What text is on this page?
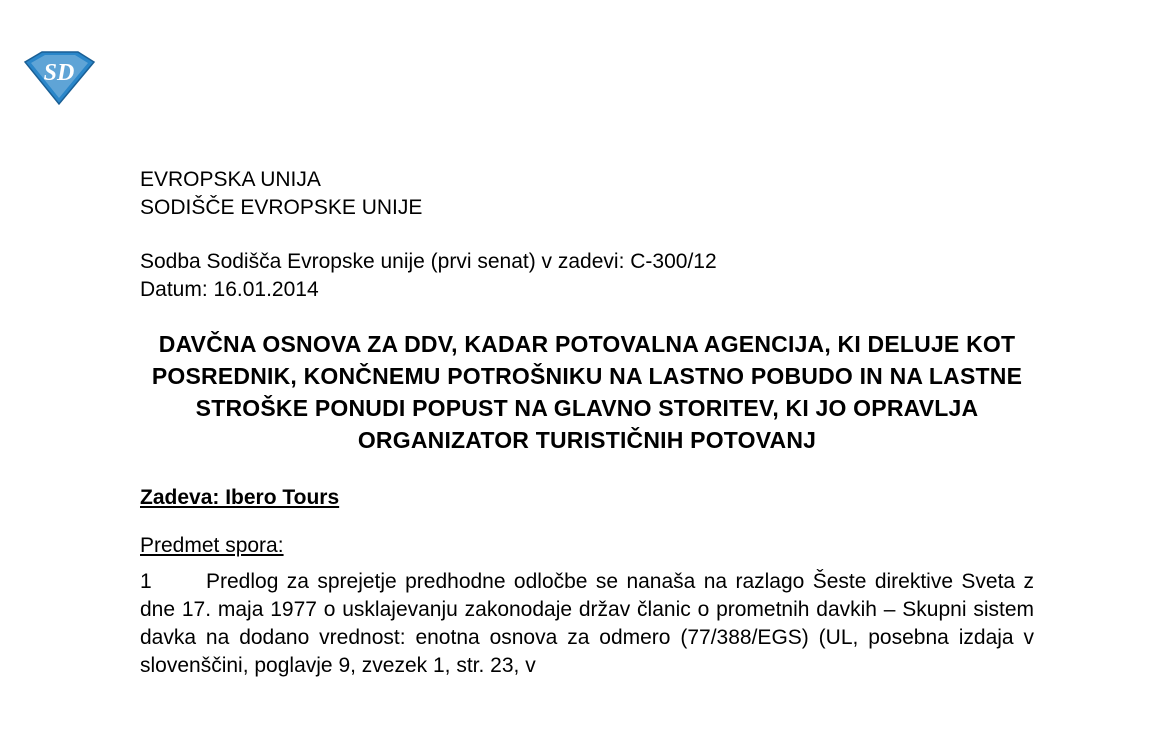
SD

EVROPSKA UNIJA

SODIŠČE EVROPSKE UNIJE

Sodba Sodišča Evropske unije (prvi senat) v zadevi: C-300/12

Datum: 16.01.2014

DAVČNA OSNOVA ZA DDV, KADAR POTOVALNA AGENCIJA, KI DELUJE KOT POSREDNIK, KONČNEMU POTROŠNIKU NA LASTNO POBUDO IN NA LASTNE STROŠKE PONUDI POPUST NA GLAVNO STORITEV, KI JO OPRAVLJA ORGANIZATOR TURISTIČNIH POTOVANJ

Zadeva: Ibero Tours

Predmet spora:

1	Predlog za sprejetje predhodne odločbe se nanaša na razlago Šeste direktive Sveta z dne 17. maja 1977 o usklajevanju zakonodaje držav članic o prometnih davkih – Skupni sistem davka na dodano vrednost: enotna osnova za odmero (77/388/EGS) (UL, posebna izdaja v slovenščini, poglavje 9, zvezek 1, str. 23, v
